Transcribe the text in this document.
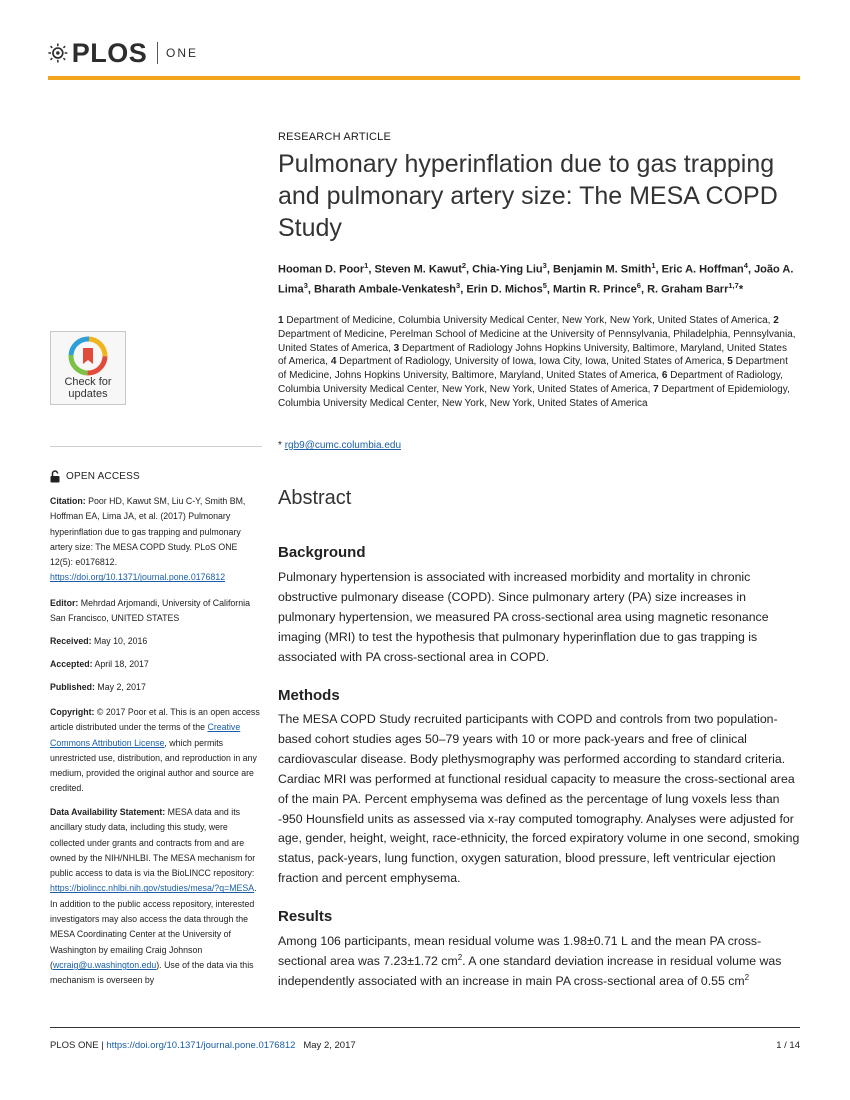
PLOS ONE
Check for
updates
OPEN ACCESS
Citation: Poor HD, Kawut SM, Liu C-Y, Smith BM, Hoffman EA, Lima JA, et al. (2017) Pulmonary hyperinflation due to gas trapping and pulmonary artery size: The MESA COPD Study. PLoS ONE 12(5): e0176812. https://doi.org/10.1371/journal.pone.0176812
Editor: Mehrdad Arjomandi, University of California San Francisco, UNITED STATES
Received: May 10, 2016
Accepted: April 18, 2017
Published: May 2, 2017
Copyright: © 2017 Poor et al. This is an open access article distributed under the terms of the Creative Commons Attribution License, which permits unrestricted use, distribution, and reproduction in any medium, provided the original author and source are credited.
Data Availability Statement: MESA data and its ancillary study data, including this study, were collected under grants and contracts from and are owned by the NIH/NHLBI. The MESA mechanism for public access to data is via the BioLINCC repository: https://biolincc.nhlbi.nih.gov/studies/mesa/?q=MESA. In addition to the public access repository, interested investigators may also access the data through the MESA Coordinating Center at the University of Washington by emailing Craig Johnson (wcraig@u.washington.edu). Use of the data via this mechanism is overseen by
RESEARCH ARTICLE
Pulmonary hyperinflation due to gas trapping and pulmonary artery size: The MESA COPD Study
Hooman D. Poor$^1$, Steven M. Kawut$^2$, Chia-Ying Liu$^3$, Benjamin M. Smith$^1$, Eric A. Hoffman$^4$, João A. Lima$^3$, Bharath Ambale-Venkatesh$^3$, Erin D. Michos$^5$, Martin R. Prince$^6$, R. Graham Barr$^{1,7}$*
1 Department of Medicine, Columbia University Medical Center, New York, New York, United States of America, 2 Department of Medicine, Perelman School of Medicine at the University of Pennsylvania, Philadelphia, Pennsylvania, United States of America, 3 Department of Radiology Johns Hopkins University, Baltimore, Maryland, United States of America, 4 Department of Radiology, University of Iowa, Iowa City, Iowa, United States of America, 5 Department of Medicine, Johns Hopkins University, Baltimore, Maryland, United States of America, 6 Department of Radiology, Columbia University Medical Center, New York, New York, United States of America, 7 Department of Epidemiology, Columbia University Medical Center, New York, New York, United States of America
* rgb9@cumc.columbia.edu
Abstract
Background
Pulmonary hypertension is associated with increased morbidity and mortality in chronic obstructive pulmonary disease (COPD). Since pulmonary artery (PA) size increases in pulmonary hypertension, we measured PA cross-sectional area using magnetic resonance imaging (MRI) to test the hypothesis that pulmonary hyperinflation due to gas trapping is associated with PA cross-sectional area in COPD.
Methods
The MESA COPD Study recruited participants with COPD and controls from two population-based cohort studies ages 50–79 years with 10 or more pack-years and free of clinical cardiovascular disease. Body plethysmography was performed according to standard criteria. Cardiac MRI was performed at functional residual capacity to measure the cross-sectional area of the main PA. Percent emphysema was defined as the percentage of lung voxels less than -950 Hounsfield units as assessed via x-ray computed tomography. Analyses were adjusted for age, gender, height, weight, race-ethnicity, the forced expiratory volume in one second, smoking status, pack-years, lung function, oxygen saturation, blood pressure, left ventricular ejection fraction and percent emphysema.
Results
Among 106 participants, mean residual volume was 1.98±0.71 L and the mean PA cross-sectional area was 7.23±1.72 $cm^2$. A one standard deviation increase in residual volume was independently associated with an increase in main PA cross-sectional area of 0.55 $cm^2$
PLOS ONE | https://doi.org/10.1371/journal.pone.0176812 May 2, 2017	1 / 14
